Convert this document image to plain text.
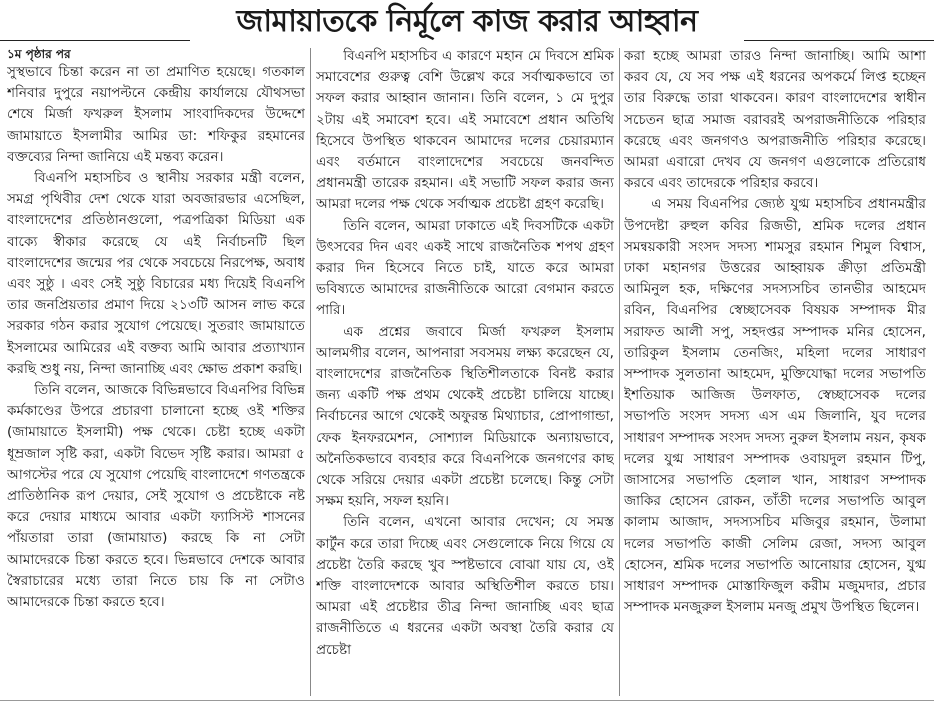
জামায়াতকে নির্মূলে কাজ করার আহ্বান
১ম পৃষ্ঠার পর

সুস্থভাবে চিন্তা করেন না তা প্রমাণিত হয়েছে। গতকাল শনিবার দুপুরে নয়াপল্টনে কেন্দ্রীয় কার্যালয়ে যৌথসভা শেষে মির্জা ফখরুল ইসলাম সাংবাদিকদের উদ্দেশে জামায়াতে ইসলামীর আমির ডা: শফিকুর রহমানের বক্তব্যের নিন্দা জানিয়ে এই মন্তব্য করেন।

বিএনপি মহাসচিব ও স্থানীয় সরকার মন্ত্রী বলেন, সমগ্র পৃথিবীর দেশ থেকে যারা অবজারভার এসেছিল, বাংলাদেশের প্রতিষ্ঠানগুলো, পত্রপত্রিকা মিডিয়া এক বাক্যে স্বীকার করেছে যে এই নির্বাচনটি ছিল বাংলাদেশের জন্মের পর থেকে সবচেয়ে নিরপেক্ষ, অবাধ এবং সুষ্ঠু । এবং সেই সুষ্ঠু বিচারের মধ্য দিয়েই বিএনপি তার জনপ্রিয়তার প্রমাণ দিয়ে ২১৩টি আসন লাভ করে সরকার গঠন করার সুযোগ পেয়েছে। সুতরাং জামায়াতে ইসলামের আমিরের এই বক্তব্য আমি আবার প্রত্যাখ্যান করছি শুধু নয়, নিন্দা জানাচ্ছি এবং ক্ষোভ প্রকাশ করছি।

তিনি বলেন, আজকে বিভিন্নভাবে বিএনপির বিভিন্ন কর্মকাণ্ডের উপরে প্রচারণা চালানো হচ্ছে ওই শক্তির (জামায়াতে ইসলামী) পক্ষ থেকে। চেষ্টা হচ্ছে একটা ধূম্রজাল সৃষ্টি করা, একটা বিভেদ সৃষ্টি করার। আমরা ৫ আগস্টের পরে যে সুযোগ পেয়েছি বাংলাদেশে গণতন্ত্রকে প্রাতিষ্ঠানিক রূপ দেয়ার, সেই সুযোগ ও প্রচেষ্টাকে নষ্ট করে দেয়ার মাধ্যমে আবার একটা ফ্যাসিস্ট শাসনের পাঁয়তারা তারা (জামায়াত) করছে কি না সেটা আমাদেরকে চিন্তা করতে হবে। ভিন্নভাবে দেশকে আবার স্বৈরাচারের মধ্যে তারা নিতে চায় কি না সেটাও আমাদেরকে চিন্তা করতে হবে।

বিএনপি মহাসচিব এ কারণে মহান মে দিবসে শ্রমিক সমাবেশের গুরুত্ব বেশি উল্লেখ করে সর্বাত্মকভাবে তা সফল করার আহ্বান জানান। তিনি বলেন, ১ মে দুপুর ২টায় এই সমাবেশ হবে। এই সমাবেশে প্রধান অতিথি হিসেবে উপস্থিত থাকবেন আমাদের দলের চেয়ারম্যান এবং বর্তমানে বাংলাদেশের সবচেয়ে জনবন্দিত প্রধানমন্ত্রী তারেক রহমান। এই সভাটি সফল করার জন্য আমরা দলের পক্ষ থেকে সর্বাত্মক প্রচেষ্টা গ্রহণ করেছি।

তিনি বলেন, আমরা ঢাকাতে এই দিবসটিকে একটা উৎসবের দিন এবং একই সাথে রাজনৈতিক শপথ গ্রহণ করার দিন হিসেবে নিতে চাই, যাতে করে আমরা ভবিষ্যতে আমাদের রাজনীতিকে আরো বেগমান করতে পারি।

এক প্রশ্নের জবাবে মির্জা ফখরুল ইসলাম আলমগীর বলেন, আপনারা সবসময় লক্ষ্য করেছেন যে, বাংলাদেশের রাজনৈতিক স্থিতিশীলতাকে বিনষ্ট করার জন্য একটি পক্ষ প্রথম থেকেই প্রচেষ্টা চালিয়ে যাচ্ছে। নির্বাচনের আগে থেকেই অফুরন্ত মিথ্যাচার, প্রোপাগান্ডা, ফেক ইনফরমেশন, সোশ্যাল মিডিয়াকে অন্যায়ভাবে, অনৈতিকভাবে ব্যবহার করে বিএনপিকে জনগণের কাছ থেকে সরিয়ে দেয়ার একটা প্রচেষ্টা চলেছে। কিন্তু সেটা সক্ষম হয়নি, সফল হয়নি।

তিনি বলেন, এখনো আবার দেখেন; যে সমস্ত কার্টুন করে তারা দিচ্ছে এবং সেগুলোকে নিয়ে গিয়ে যে প্রচেষ্টা তৈরি করছে খুব স্পষ্টভাবে বোঝা যায় যে, ওই শক্তি বাংলাদেশকে আবার অস্থিতিশীল করতে চায়। আমরা এই প্রচেষ্টার তীব্র নিন্দা জানাচ্ছি এবং ছাত্র রাজনীতিতে এ ধরনের একটা অবস্থা তৈরি করার যে প্রচেষ্টা

করা হচ্ছে আমরা তারও নিন্দা জানাচ্ছি। আমি আশা করব যে, যে সব পক্ষ এই ধরনের অপকর্মে লিপ্ত হচ্ছেন তার বিরুদ্ধে তারা থাকবেন। কারণ বাংলাদেশের স্বাধীন সচেতন ছাত্র সমাজ বরাবরই অপরাজনীতিকে পরিহার করেছে এবং জনগণও অপরাজনীতি পরিহার করেছে। আমরা এবারো দেখব যে জনগণ এগুলোকে প্রতিরোধ করবে এবং তাদেরকে পরিহার করবে।

এ সময় বিএনপির জ্যেষ্ঠ যুগ্ম মহাসচিব প্রধানমন্ত্রীর উপদেষ্টা রুহুল কবির রিজভী, শ্রমিক দলের প্রধান সমন্বয়কারী সংসদ সদস্য শামসুর রহমান শিমুল বিশ্বাস, ঢাকা মহানগর উত্তরের আহ্বায়ক ক্রীড়া প্রতিমন্ত্রী আমিনুল হক, দক্ষিণের সদস্যসচিব তানভীর আহমেদ রবিন, বিএনপির স্বেচ্ছাসেবক বিষয়ক সম্পাদক মীর সরাফত আলী সপু, সহদপ্তর সম্পাদক মনির হোসেন, তারিকুল ইসলাম তেনজিং, মহিলা দলের সাধারণ সম্পাদক সুলতানা আহমেদ, মুক্তিযোদ্ধা দলের সভাপতি ইশতিয়াক আজিজ উলফাত, স্বেচ্ছাসেবক দলের সভাপতি সংসদ সদস্য এস এম জিলানি, যুব দলের সাধারণ সম্পাদক সংসদ সদস্য নুরুল ইসলাম নয়ন, কৃষক দলের যুগ্ম সাধারণ সম্পাদক ওবায়দুল রহমান টিপু, জাসাসের সভাপতি হেলাল খান, সাধারণ সম্পাদক জাকির হোসেন রোকন, তাঁতী দলের সভাপতি আবুল কালাম আজাদ, সদস্যসচিব মজিবুর রহমান, উলামা দলের সভাপতি কাজী সেলিম রেজা, সদস্য আবুল হোসেন, শ্রমিক দলের সভাপতি আনোয়ার হোসেন, যুগ্ম সাধারণ সম্পাদক মোস্তাফিজুল করীম মজুমদার, প্রচার সম্পাদক মনজুরুল ইসলাম মনজু প্রমুখ উপস্থিত ছিলেন।
